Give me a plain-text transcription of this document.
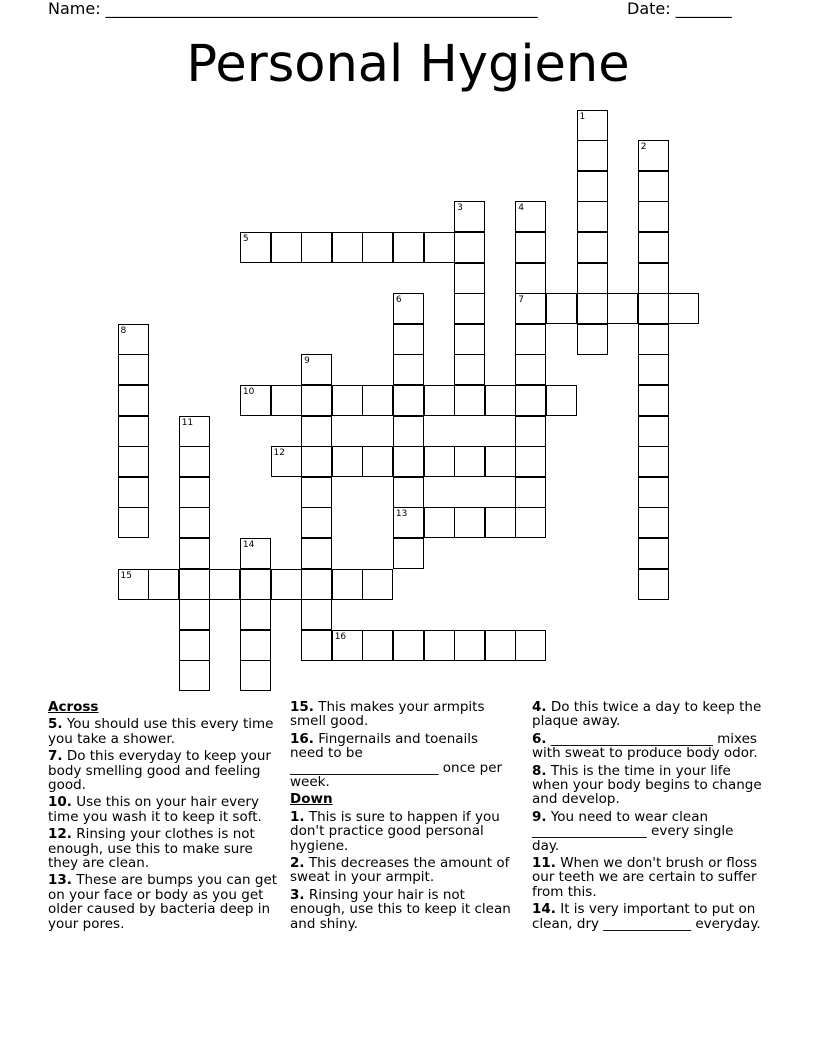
Name: ______________________________________________________	Date: _______
Personal Hygiene
1
2
3	4
7
5
6
13
8
9
10
11
12
14
15
16
Across
5. You should use this every time you take a shower.
7. Do this everyday to keep your body smelling good and feeling good.
10. Use this on your hair every time you wash it to keep it soft.
12. Rinsing your clothes is not enough, use this to make sure they are clean.
13. These are bumps you can get on your face or body as you get older caused by bacteria deep in your pores.
15. This makes your armpits smell good.
16. Fingernails and toenails need to be ______________________ once per week.
Down
1. This is sure to happen if you don't practice good personal hygiene.
2. This decreases the amount of sweat in your armpit.
3. Rinsing your hair is not enough, use this to keep it clean and shiny.
4. Do this twice a day to keep the plaque away.
6. ________________________ mixes with sweat to produce body odor.
8. This is the time in your life when your body begins to change and develop.
9. You need to wear clean _________________ every single day.
11. When we don't brush or floss our teeth we are certain to suffer from this.
14. It is very important to put on clean, dry _____________ everyday.
